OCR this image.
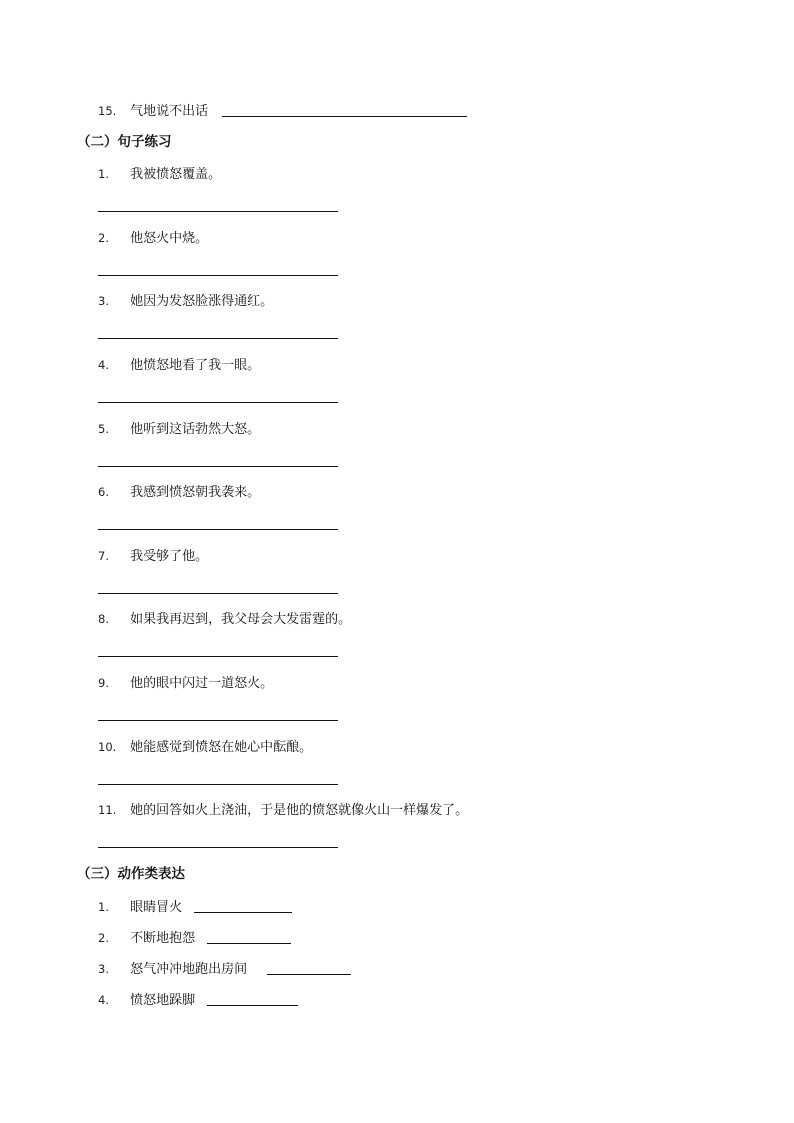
15. 气地说不出话
（二）句子练习
1. 我被愤怒覆盖。
2. 他怒火中烧。
3. 她因为发怒脸涨得通红。
4. 他愤怒地看了我一眼。
5. 他听到这话勃然大怒。
6. 我感到愤怒朝我袭来。
7. 我受够了他。
8. 如果我再迟到，我父母会大发雷霆的。
9. 他的眼中闪过一道怒火。
10. 她能感觉到愤怒在她心中酝酿。
11. 她的回答如火上浇油，于是他的愤怒就像火山一样爆发了。
（三）动作类表达
1. 眼睛冒火
2. 不断地抱怨
3. 怒气冲冲地跑出房间
4. 愤怒地跺脚
